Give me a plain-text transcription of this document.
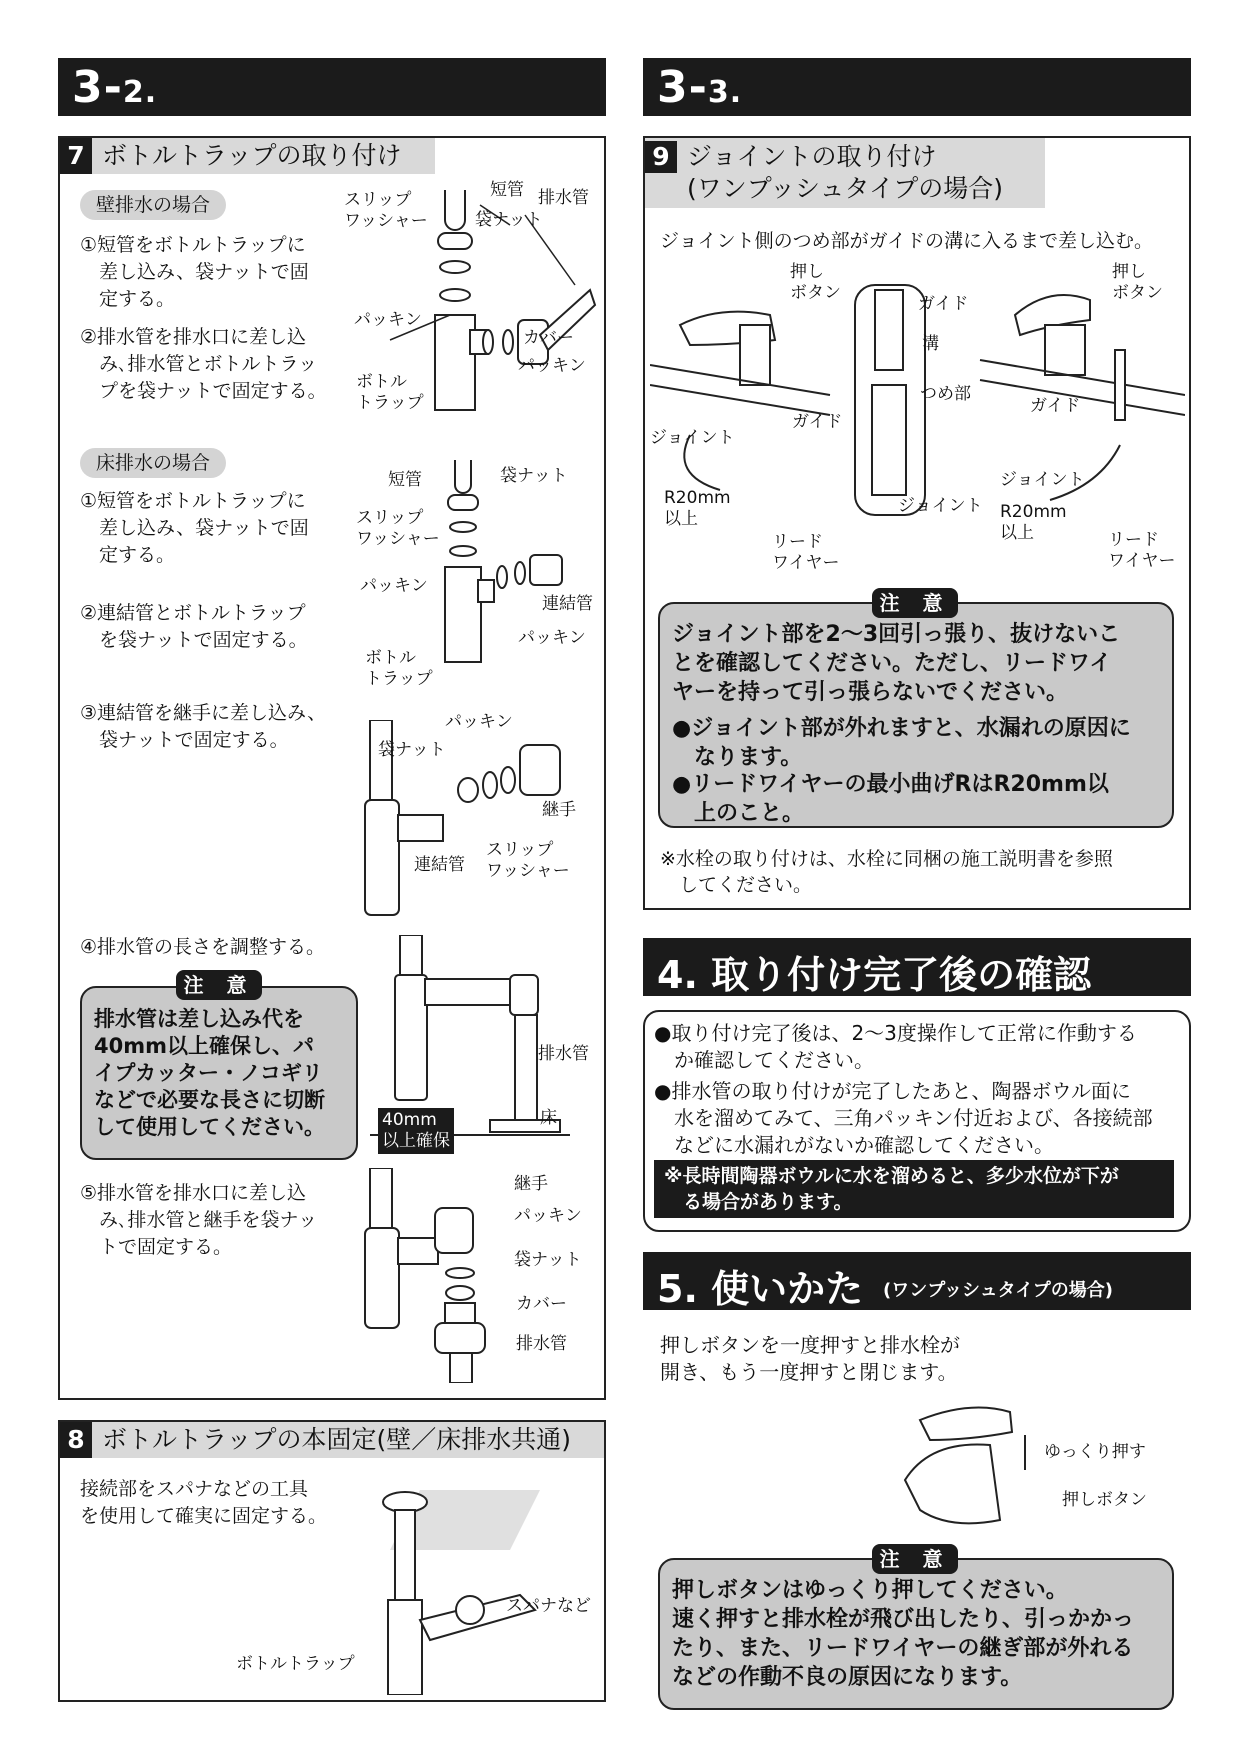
3-2.	3-3.
7 ボトルトラップの取り付け
壁排水の場合
①短管をボトルトラップに
　差し込み、袋ナットで固
　定する。
②排水管を排水口に差し込
　み､排水管とボトルトラッ
　プを袋ナットで固定する。
スリップ
ワッシャー
短管
袋ナット
排水管
パッキン
カバー
パッキン
ボトル
トラップ
床排水の場合
①短管をボトルトラップに
　差し込み、袋ナットで固
　定する。
②連結管とボトルトラップ
　を袋ナットで固定する。
③連結管を継手に差し込み、
　袋ナットで固定する。
④排水管の長さを調整する。
⑤排水管を排水口に差し込
　み､排水管と継手を袋ナッ
　トで固定する。
短管	袋ナット
スリップ
ワッシャー
パッキン
連結管
パッキン
ボトル
トラップ
パッキン
袋ナット
継手
連結管
スリップ
ワッシャー
排水管
床
40mm
以上確保
注 意
排水管は差し込み代を
40mm以上確保し、パ
イプカッター・ノコギリ
などで必要な長さに切断
して使用してください。
継手
パッキン
袋ナット
カバー
排水管
8 ボトルトラップの本固定(壁／床排水共通)
接続部をスパナなどの工具
を使用して確実に固定する。
スパナなど
ボトルトラップ
9 ジョイントの取り付け
(ワンプッシュタイプの場合)
ジョイント側のつめ部がガイドの溝に入るまで差し込む。
押し
ボタン
ガイド
ジョイント
R20mm
以上
リード
ワイヤー
ガイド
溝
つめ部
ジョイント
押し
ボタン
ガイド
ジョイント
R20mm
以上	リード
ワイヤー
注 意
ジョイント部を2～3回引っ張り、抜けないこ
とを確認してください。ただし、リードワイ
ヤーを持って引っ張らないでください。
●ジョイント部が外れますと、水漏れの原因に
　なります。
●リードワイヤーの最小曲げRはR20mm以
　上のこと。
※水栓の取り付けは、水栓に同梱の施工説明書を参照
　してください。
4. 取り付け完了後の確認
●取り付け完了後は、2～3度操作して正常に作動する
　か確認してください。
●排水管の取り付けが完了したあと、陶器ボウル面に
　水を溜めてみて、三角パッキン付近および、各接続部
　などに水漏れがないか確認してください。
※長時間陶器ボウルに水を溜めると、多少水位が下が
　る場合があります。
5. 使いかた (ワンプッシュタイプの場合)
押しボタンを一度押すと排水栓が
開き、もう一度押すと閉じます。
ゆっくり押す
押しボタン
注 意
押しボタンはゆっくり押してください。
速く押すと排水栓が飛び出したり、引っかかっ
たり、また、リードワイヤーの継ぎ部が外れる
などの作動不良の原因になります。
